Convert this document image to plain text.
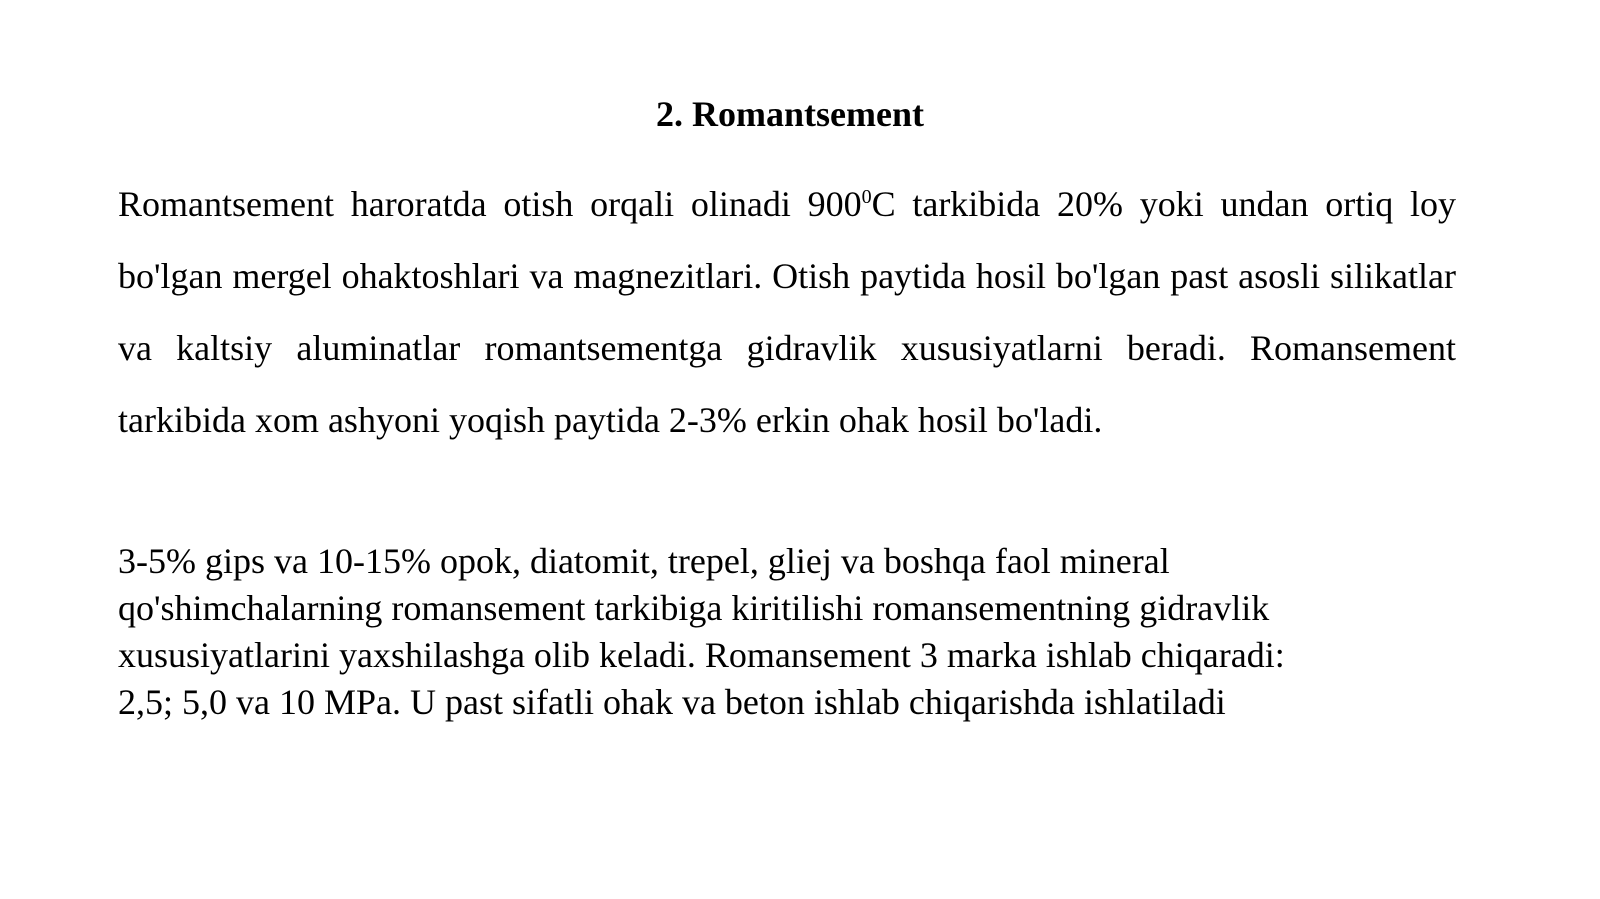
2. Romantsement

Romantsement haroratda otish orqali olinadi $900^0C$ tarkibida 20% yoki undan ortiq loy bo'lgan mergel ohaktoshlari va magnezitlari. Otish paytida hosil bo'lgan past asosli silikatlar va kaltsiy aluminatlar romantsementga gidravlik xususiyatlarni beradi. Romansement tarkibida xom ashyoni yoqish paytida 2-3% erkin ohak hosil bo'ladi.

3-5% gips va 10-15% opok, diatomit, trepel, gliej va boshqa faol mineral
qo'shimchalarning romansement tarkibiga kiritilishi romansementning gidravlik
xususiyatlarini yaxshilashga olib keladi. Romansement 3 marka ishlab chiqaradi:
2,5; 5,0 va 10 MPa. U past sifatli ohak va beton ishlab chiqarishda ishlatiladi
